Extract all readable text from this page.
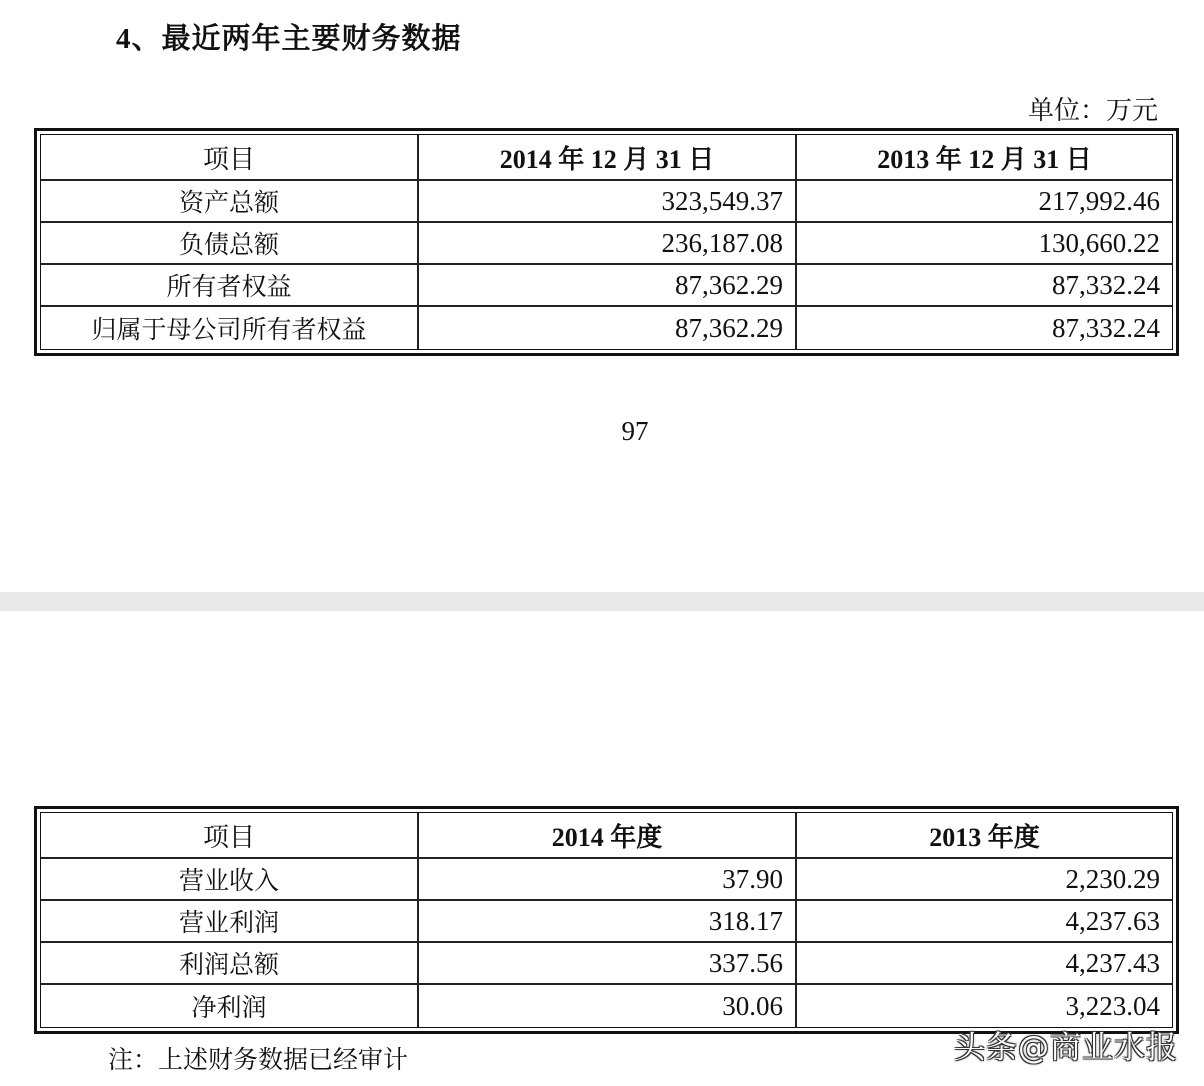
4、最近两年主要财务数据
单位：万元
项目	2014 年 12 月 31 日	2013 年 12 月 31 日
资产总额	323,549.37	217,992.46
负债总额	236,187.08	130,660.22
所有者权益	87,362.29	87,332.24
归属于母公司所有者权益	87,362.29	87,332.24
97
项目	2014 年度	2013 年度
营业收入	37.90	2,230.29
营业利润	318.17	4,237.63
利润总额	337.56	4,237.43
净利润	30.06	3,223.04
注：上述财务数据已经审计	头条@商业水报
